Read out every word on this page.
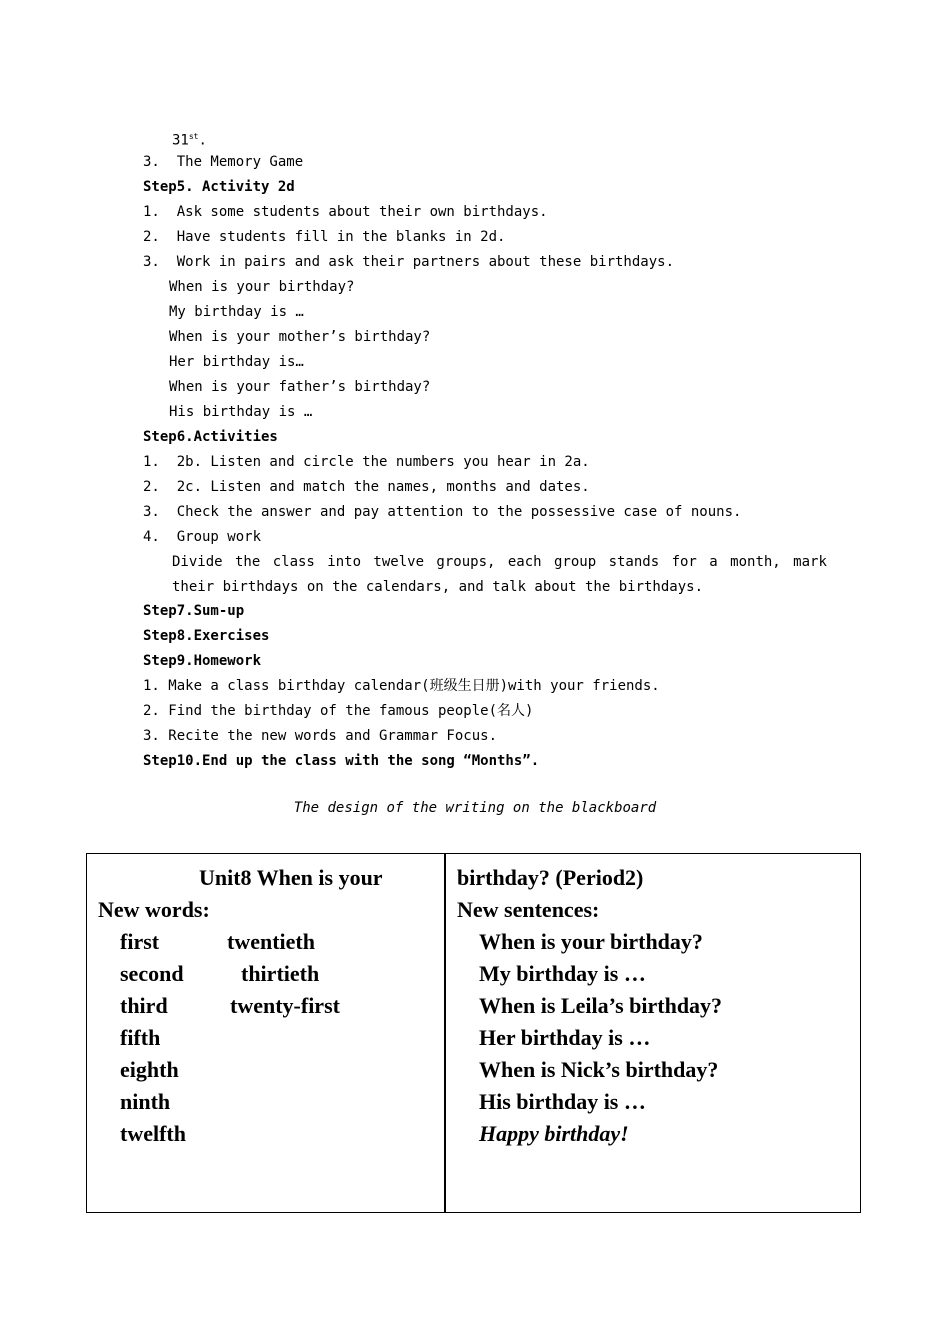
31st.
3.  The Memory Game
Step5. Activity 2d
1.  Ask some students about their own birthdays.
2.  Have students fill in the blanks in 2d.
3.  Work in pairs and ask their partners about these birthdays.
When is your birthday?
My birthday is …
When is your mother’s birthday?
Her birthday is…
When is your father’s birthday?
His birthday is …
Step6.Activities
1.  2b. Listen and circle the numbers you hear in 2a.
2.  2c. Listen and match the names, months and dates.
3.  Check the answer and pay attention to the possessive case of nouns.
4.  Group work
Divide the class into twelve groups, each group stands for a month, mark
their birthdays on the calendars, and talk about the birthdays.
Step7.Sum-up
Step8.Exercises
Step9.Homework
1. Make a class birthday calendar(班级生日册)with your friends.
2. Find the birthday of the famous people(名人)
3. Recite the new words and Grammar Focus.
Step10.End up the class with the song “Months”.
The design of the writing on the blackboard
Unit8 When is your
New words:
first
second
third
fifth
eighth
ninth
twelfth
twentieth
thirtieth
twenty-first
birthday? (Period2)
New sentences:
When is your birthday?
My birthday is …
When is Leila’s birthday?
Her birthday is …
When is Nick’s birthday?
His birthday is …
Happy birthday!
